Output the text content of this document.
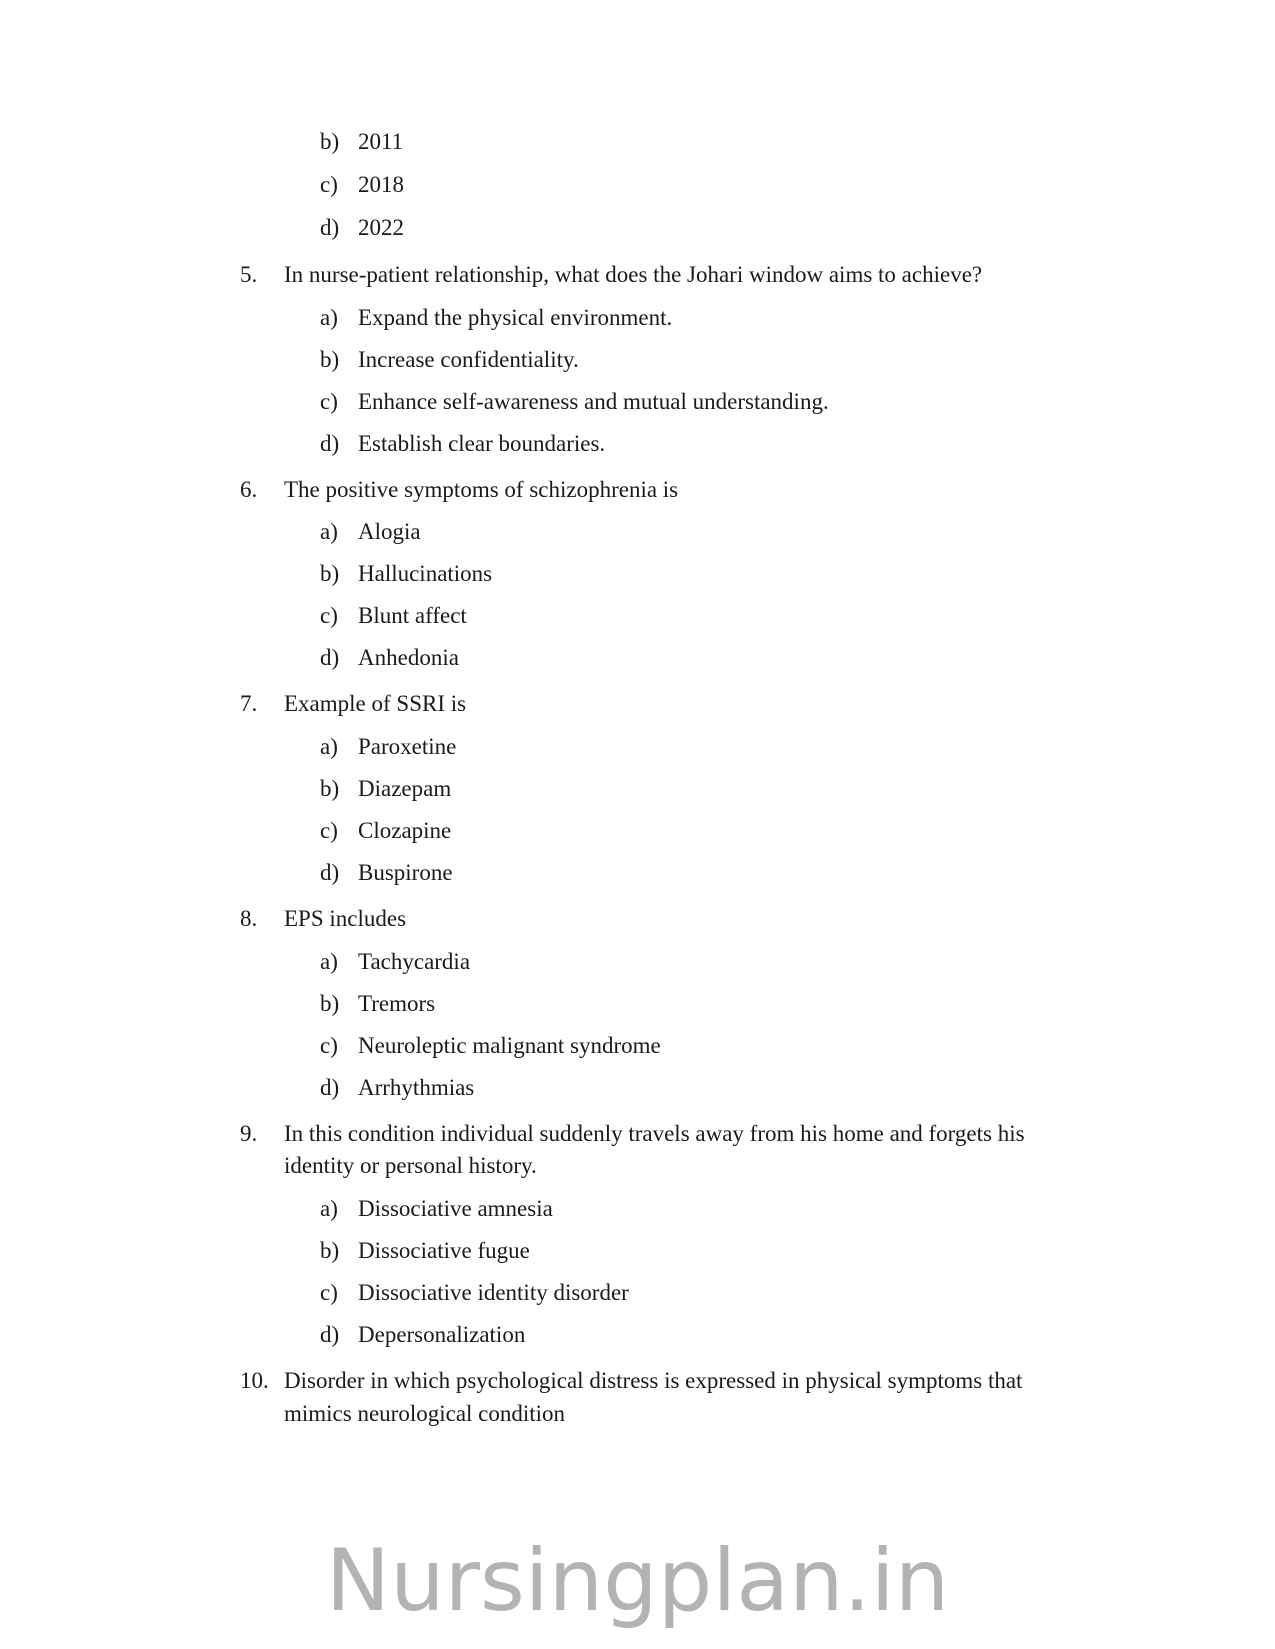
b) 2011
c) 2018
d) 2022
5.	In nurse-patient relationship, what does the Johari window aims to achieve?
a) Expand the physical environment.
b) Increase confidentiality.
c) Enhance self-awareness and mutual understanding.
d) Establish clear boundaries.
6.	The positive symptoms of schizophrenia is
a) Alogia
b) Hallucinations
c) Blunt affect
d) Anhedonia
7.	Example of SSRI is
a) Paroxetine
b) Diazepam
c) Clozapine
d) Buspirone
8.	EPS includes
a) Tachycardia
b) Tremors
c) Neuroleptic malignant syndrome
d) Arrhythmias
9.	In this condition individual suddenly travels away from his home and forgets his identity or personal history.
a) Dissociative amnesia
b) Dissociative fugue
c) Dissociative identity disorder
d) Depersonalization
10. Disorder in which psychological distress is expressed in physical symptoms that mimics neurological condition
Nursingplan.in
